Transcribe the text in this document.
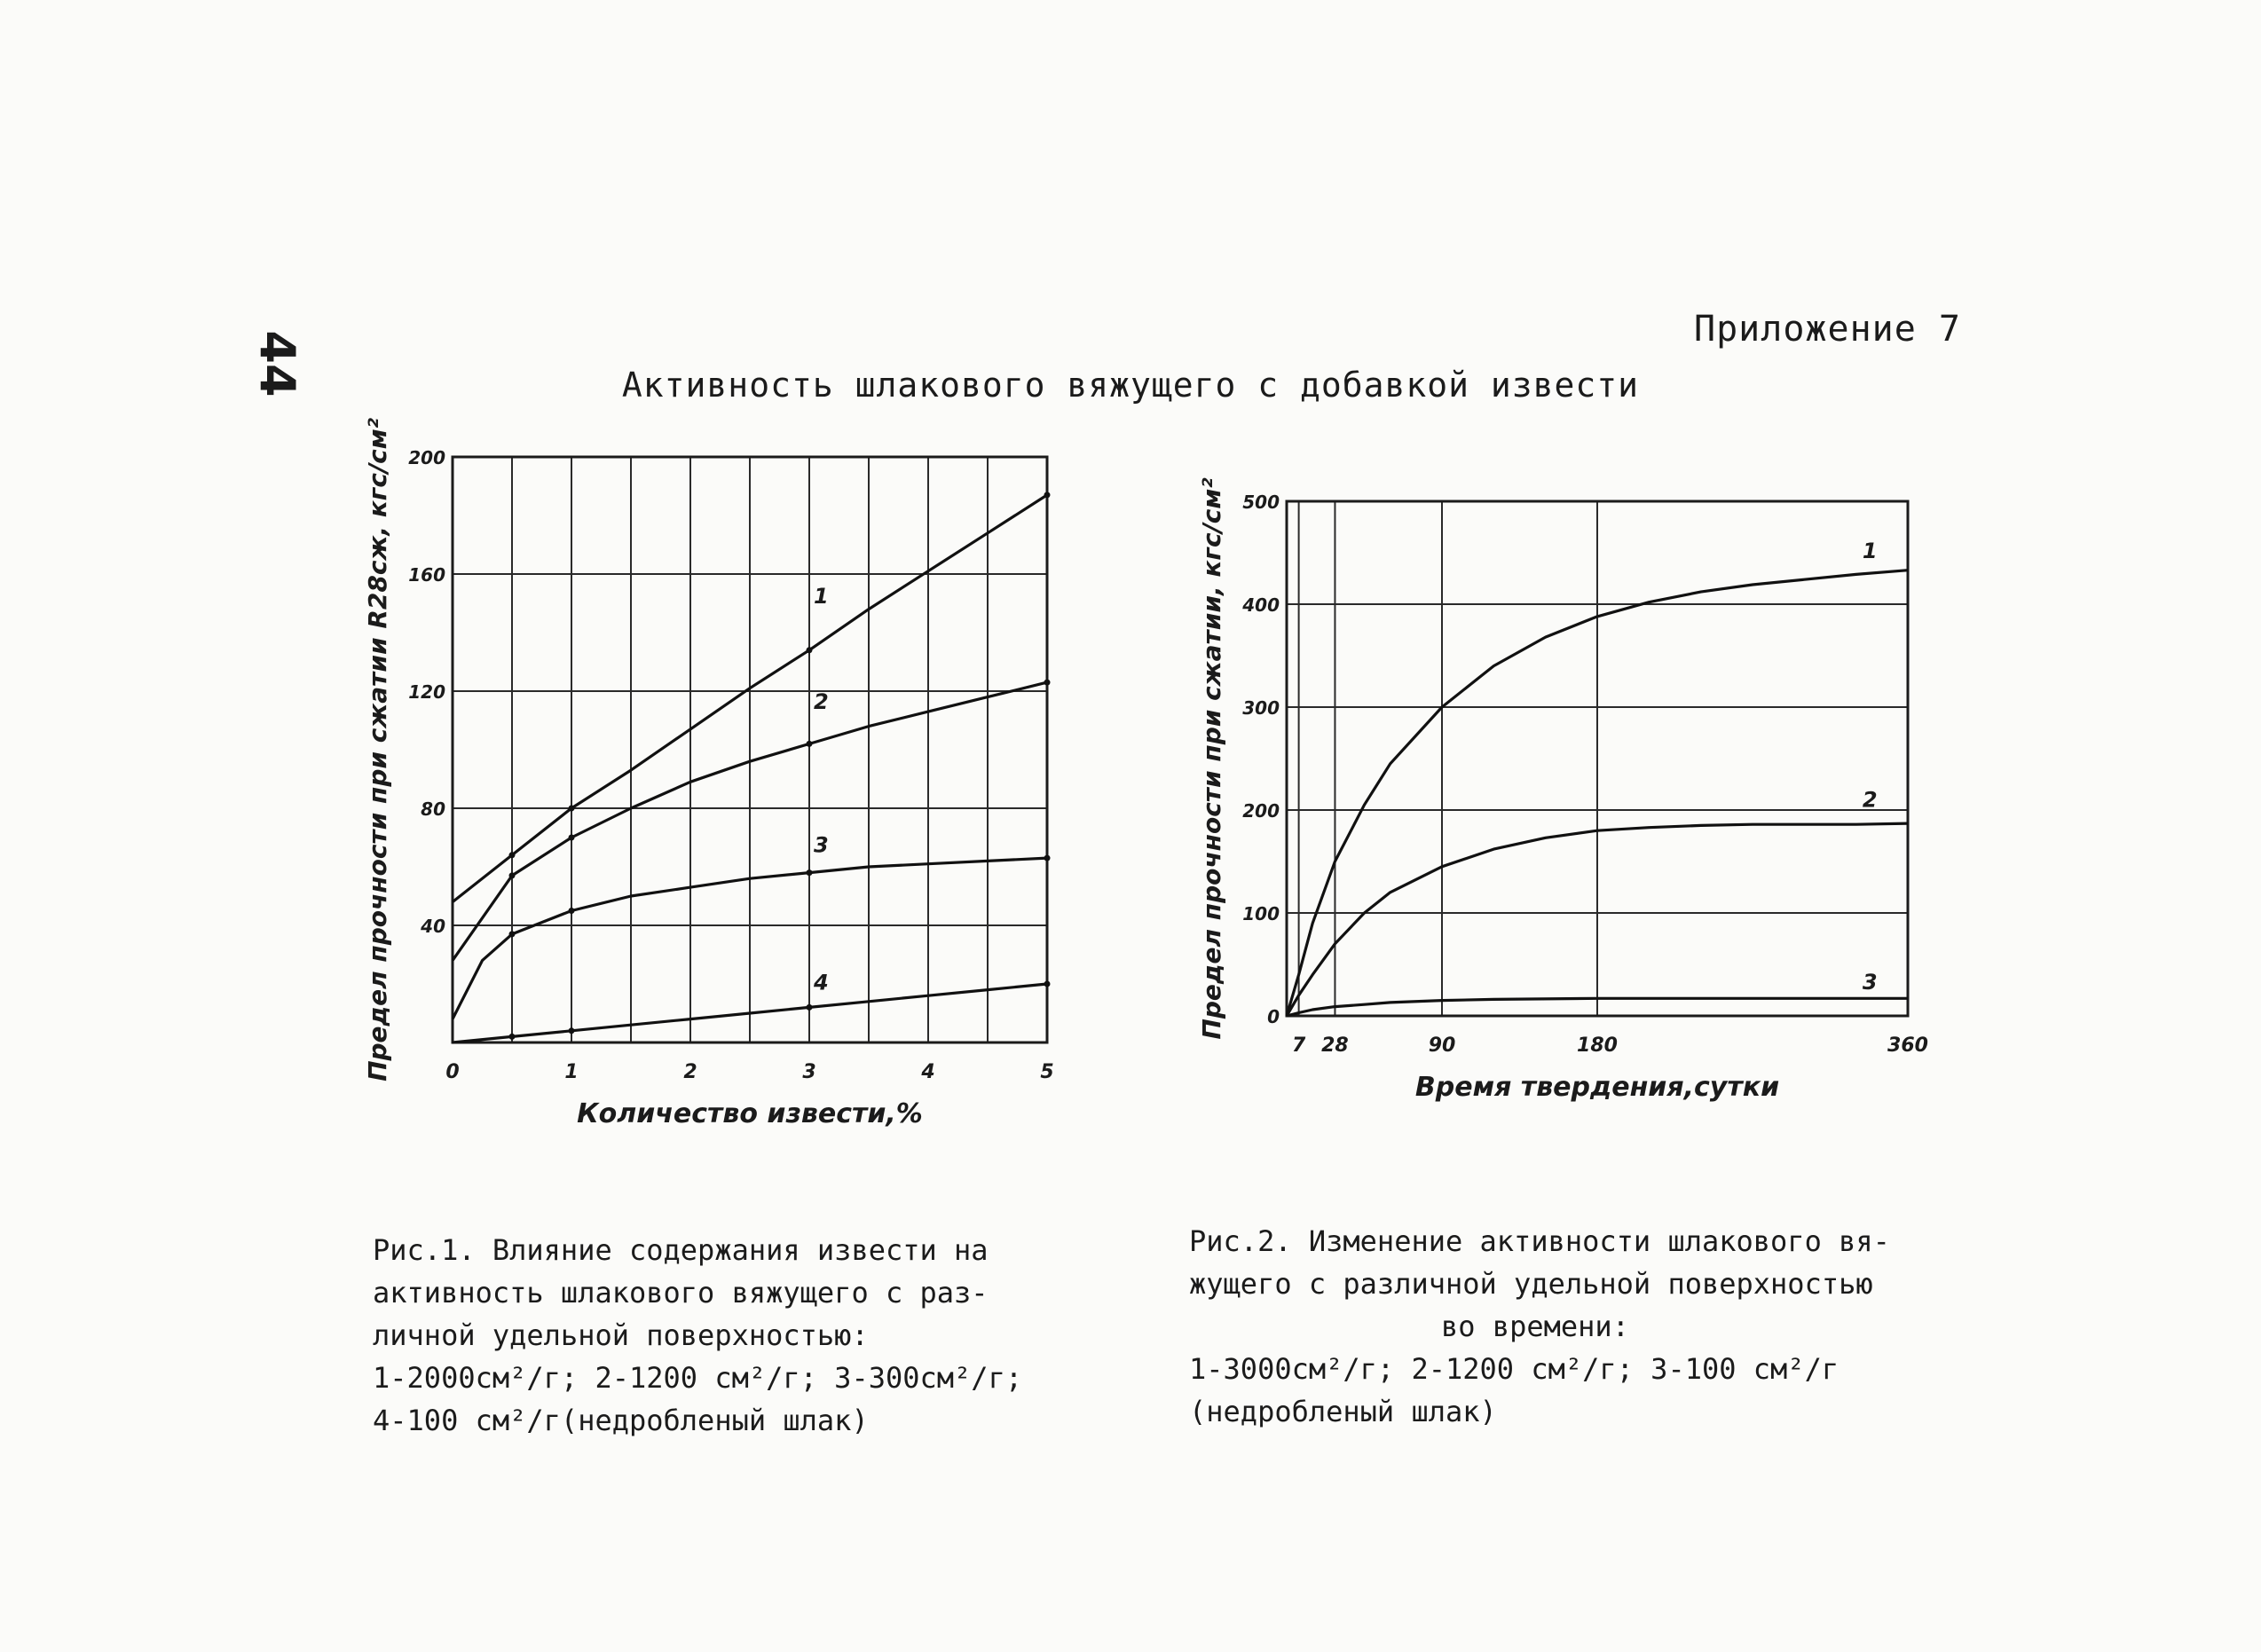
44
Приложение 7
Активность шлакового вяжущего с добавкой извести
0	1	2	3	4	5
40
80
120
160
200
1
2
3
4
Количество извести,%
Предел прочности при сжатии R28сж, кгс/см²	7 28	90	180	360
0
100
200
300
400
500
1
2
3
Время твердения,сутки
Предел прочности при сжатии, кгс/см²
Рис.1. Влияние содержания извести на
активность шлакового вяжущего с раз-
личной удельной поверхностью:
1-2000см²/г; 2-1200 см²/г; 3-300см²/г;
4-100 см²/г(недробленый шлак)
Рис.2. Изменение активности шлакового вя-
жущего с различной удельной поверхностью
во времени:
1-3000см²/г; 2-1200 см²/г; 3-100 см²/г
(недробленый шлак)
